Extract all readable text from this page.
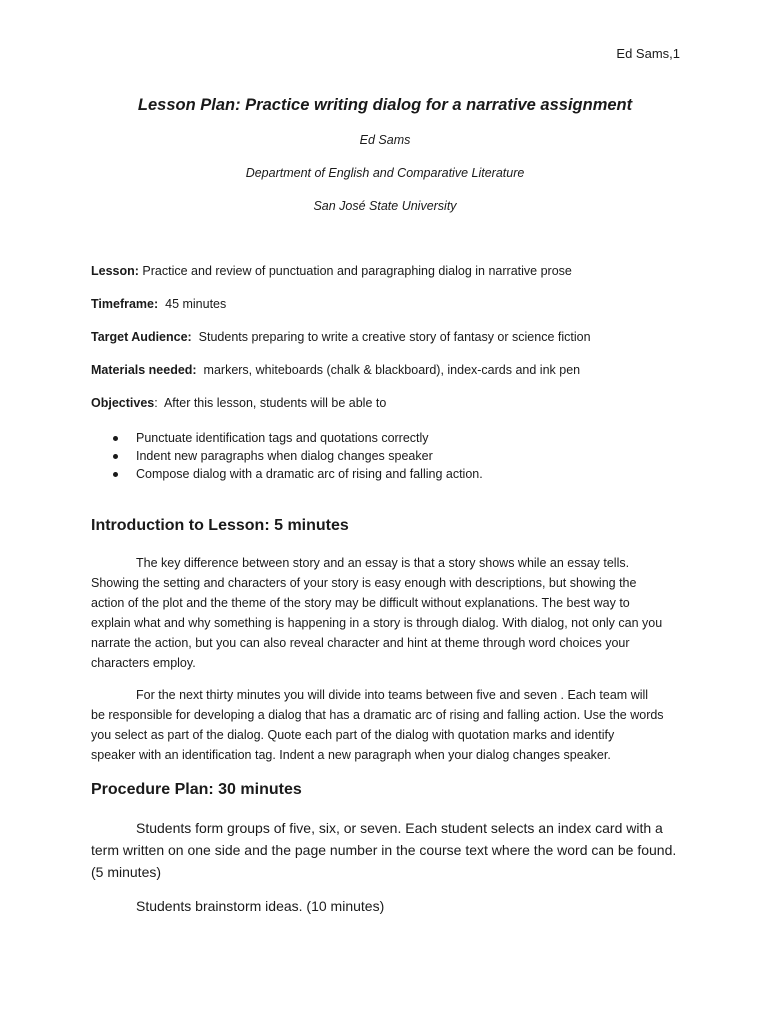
Ed Sams,1
Lesson Plan: Practice writing dialog for a narrative assignment
Ed Sams
Department of English and Comparative Literature
San José State University
Lesson: Practice and review of punctuation and paragraphing dialog in narrative prose
Timeframe:  45 minutes
Target Audience:  Students preparing to write a creative story of fantasy or science fiction
Materials needed:  markers, whiteboards (chalk & blackboard), index-cards and ink pen
Objectives:  After this lesson, students will be able to
Punctuate identification tags and quotations correctly
Indent new paragraphs when dialog changes speaker
Compose dialog with a dramatic arc of rising and falling action.
Introduction to Lesson: 5 minutes
The key difference between story and an essay is that a story shows while an essay tells.
Showing the setting and characters of your story is easy enough with descriptions, but showing the
action of the plot and the theme of the story may be difficult without explanations. The best way to
explain what and why something is happening in a story is through dialog. With dialog, not only can you
narrate the action, but you can also reveal character and hint at theme through word choices your
characters employ.
For the next thirty minutes you will divide into teams between five and seven . Each team will
be responsible for developing a dialog that has a dramatic arc of rising and falling action. Use the words
you select as part of the dialog. Quote each part of the dialog with quotation marks and identify
speaker with an identification tag. Indent a new paragraph when your dialog changes speaker.
Procedure Plan: 30 minutes
Students form groups of five, six, or seven. Each student selects an index card with a
term written on one side and the page number in the course text where the word can be found.
(5 minutes)
Students brainstorm ideas. (10 minutes)
